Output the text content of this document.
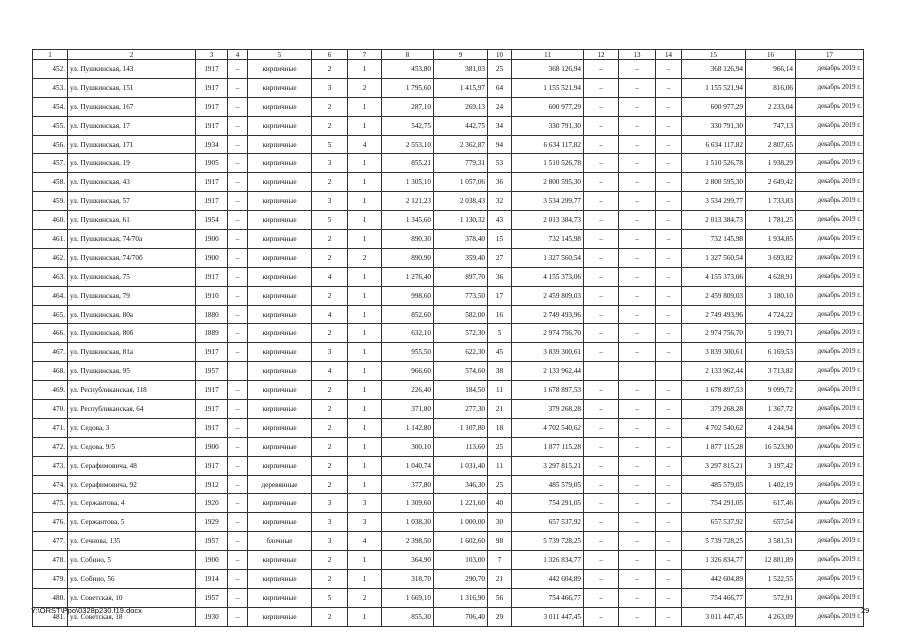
1	2	3	4	5	6	7	8	9	10	11	12	13	14	15	16	17
452.	ул. Пушкинская, 143	1917	–	кирпичные	2	1	453,80	381,03	25	368 126,94	–	–	–	368 126,94	966,14	декабрь 2019 г.
453.	ул. Пушкинская, 151	1917	–	кирпичные	3	2	1 795,60	1 415,97	64	1 155 521,94	–	–	–	1 155 521,94	816,06	декабрь 2019 г.
454.	ул. Пушкинская, 167	1917	–	кирпичные	2	1	287,10	269,13	24	600 977,29	–	–	–	600 977,29	2 233,04	декабрь 2019 г.
455.	ул. Пушкинская, 17	1917	–	кирпичные	2	1	542,75	442,75	34	330 791,30	–	–	–	330 791,30	747,13	декабрь 2019 г.
456.	ул. Пушкинская, 171	1934	–	кирпичные	5	4	2 553,10	2 362,87	94	6 634 117,82	–	–	–	6 634 117,82	2 807,65	декабрь 2019 г.
457.	ул. Пушкинская, 19	1905	–	кирпичные	3	1	855,21	779,31	53	1 510 526,78	–	–	–	1 510 526,78	1 938,29	декабрь 2019 г.
458.	ул. Пушкинская, 43	1917	–	кирпичные	2	1	1 305,10	1 057,06	36	2 800 595,30	–	–	–	2 800 595,30	2 649,42	декабрь 2019 г.
459.	ул. Пушкинская, 57	1917	–	кирпичные	3	1	2 121,23	2 038,43	32	3 534 299,77	–	–	–	3 534 299,77	1 733,83	декабрь 2019 г.
460.	ул. Пушкинская, 61	1954	–	кирпичные	5	1	1 345,60	1 130,32	43	2 013 384,73	–	–	–	2 013 384,73	1 781,25	декабрь 2019 г.
461.	ул. Пушкинская, 74/70а	1900	–	кирпичные	2	1	890,30	378,40	15	732 145,98	–	–	–	732 145,98	1 934,85	декабрь 2019 г.
462.	ул. Пушкинская, 74/70б	1900	–	кирпичные	2	2	890,90	359,40	27	1 327 560,54	–	–	–	1 327 560,54	3 693,82	декабрь 2019 г.
463.	ул. Пушкинская, 75	1917	–	кирпичные	4	1	1 276,40	897,70	36	4 155 373,06	–	–	–	4 155 373,06	4 628,91	декабрь 2019 г.
464.	ул. Пушкинская, 79	1910	–	кирпичные	2	1	998,60	773,50	17	2 459 809,03	–	–	–	2 459 809,03	3 180,10	декабрь 2019 г.
465.	ул. Пушкинская, 80а	1880	–	кирпичные	4	1	852,60	582,00	16	2 749 493,96	–	–	–	2 749 493,96	4 724,22	декабрь 2019 г.
466.	ул. Пушкинская, 80б	1889	–	кирпичные	2	1	632,10	572,30	5	2 974 756,70	–	–	–	2 974 756,70	5 199,71	декабрь 2019 г.
467.	ул. Пушкинская, 81а	1917	–	кирпичные	3	1	955,50	622,30	45	3 839 300,61	–	–	–	3 839 300,61	6 169,53	декабрь 2019 г.
468.	ул. Пушкинская, 95	1957		кирпичные	4	1	966,60	574,60	38	2 133 962,44				2 133 962,44	3 713,82	декабрь 2019 г.
469.	ул. Республиканская, 118	1917	–	кирпичные	2	1	226,40	184,50	11	1 678 897,53	–	–	–	1 678 897,53	9 099,72	декабрь 2019 г.
470.	ул. Республиканская, 64	1917	–	кирпичные	2	1	371,80	277,30	21	379 268,28	–	–	–	379 268,28	1 367,72	декабрь 2019 г.
471.	ул. Седова, 3	1917	–	кирпичные	2	1	1 142,80	1 107,80	18	4 702 540,62	–	–	–	4 702 540,62	4 244,94	декабрь 2019 г.
472.	ул. Седова, 9/5	1900	–	кирпичные	2	1	300,10	113,60	25	1 877 115,28	–	–	–	1 877 115,28	16 523,90	декабрь 2019 г.
473.	ул. Серафимовича, 48	1917	–	кирпичные	2	1	1 040,74	1 031,40	11	3 297 815,21	–	–	–	3 297 815,21	3 197,42	декабрь 2019 г.
474.	ул. Серафимовича, 92	1912	–	деревянные	2	1	377,80	346,30	25	485 579,05	–	–	–	485 579,05	1 402,19	декабрь 2019 г.
475.	ул. Сержантова, 4	1920	–	кирпичные	3	3	1 309,60	1 221,60	40	754 291,05	–	–	–	754 291,05	617,46	декабрь 2019 г.
476.	ул. Сержантова, 5	1929	–	кирпичные	3	3	1 038,30	1 000,00	30	657 537,92	–	–	–	657 537,92	657,54	декабрь 2019 г.
477.	ул. Сечнова, 135	1957	–	блочные	3	4	2 398,50	1 602,60	98	5 739 728,25	–	–	–	5 739 728,25	3 581,51	декабрь 2019 г.
478.	ул. Собино, 5	1900	–	кирпичные	2	1	364,90	103,00	7	1 326 834,77	–	–	–	1 326 834,77	12 881,89	декабрь 2019 г.
479.	ул. Собино, 56	1914	–	кирпичные	2	1	318,70	290,70	21	442 604,89	–	–	–	442 604,89	1 522,55	декабрь 2019 г.
480.	ул. Советская, 10	1957	–	кирпичные	5	2	1 669,10	1 316,90	56	754 466,77	–	–	–	754 466,77	572,91	декабрь 2019 г.
481.	ул. Советская, 18	1930	–	кирпичные	2	1	855,30	706,40	29	3 011 447,45	–	–	–	3 011 447,45	4 263,09	декабрь 2019 г.
Y:\ORST\Ppo\0328p230.f19.docx	29
